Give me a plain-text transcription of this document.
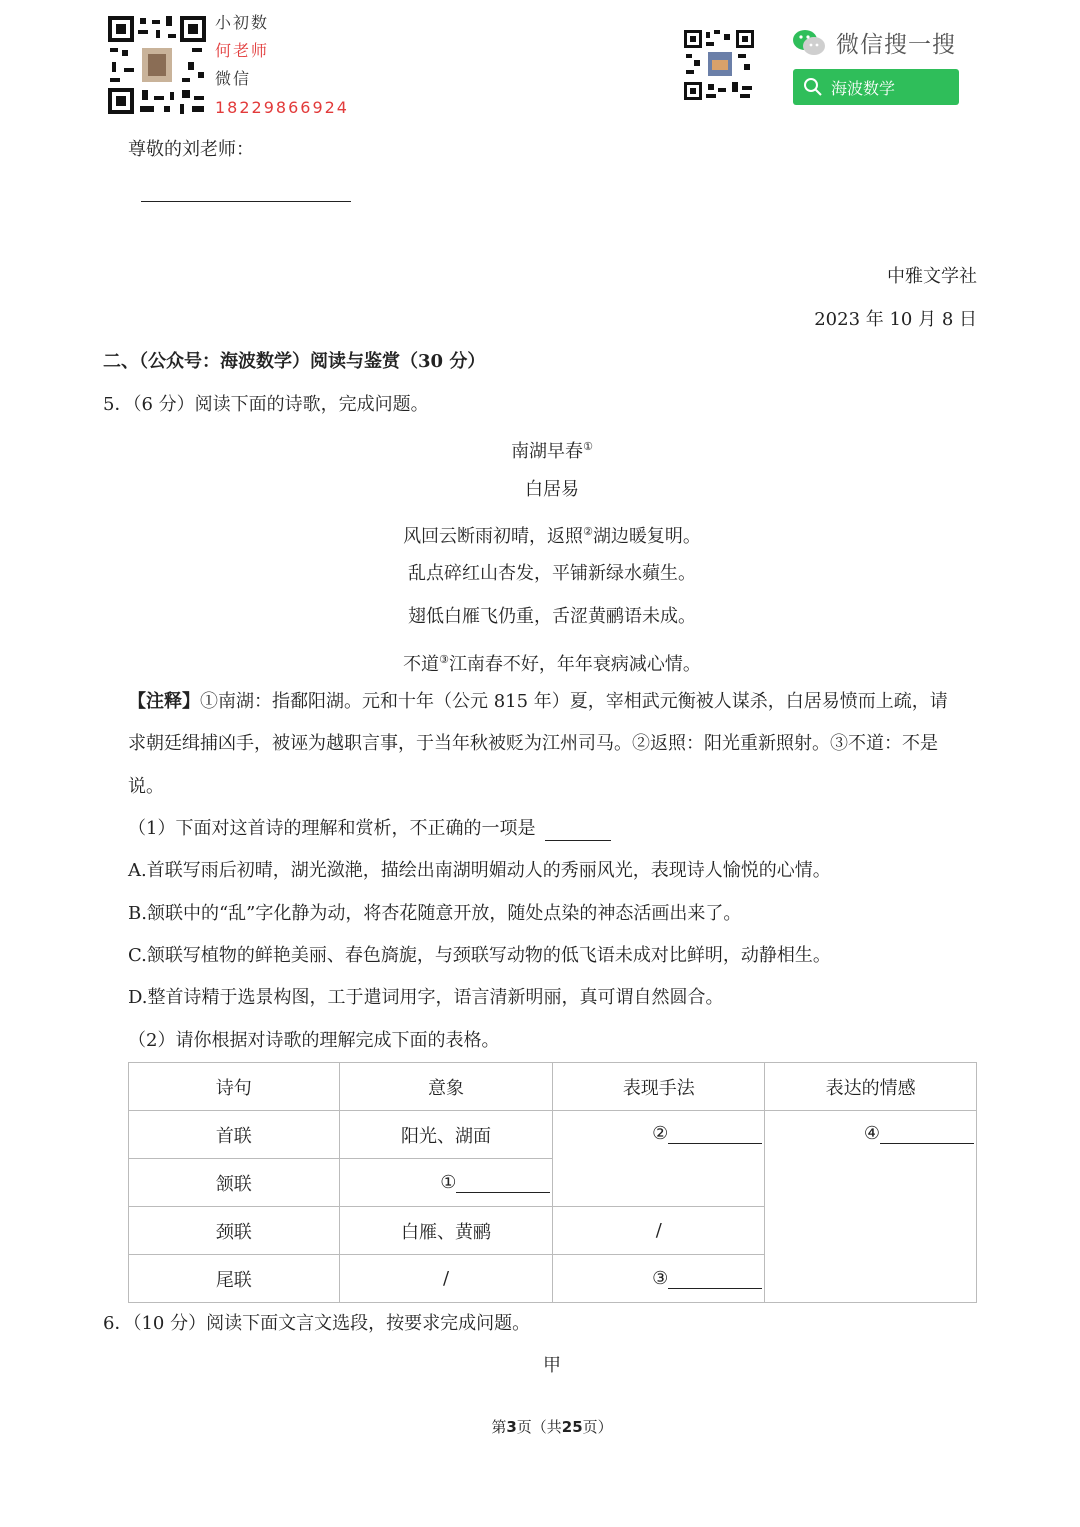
小初数
何老师
微信
18229866924
微信搜一搜
海波数学
尊敬的刘老师：
中雅文学社
2023 年 10 月 8 日
二、（公众号：海波数学）阅读与鉴赏（30 分）
5．（6 分）阅读下面的诗歌，完成问题。
南湖早春①
白居易
风回云断雨初晴，返照②湖边暖复明。
乱点碎红山杏发，平铺新绿水蘋生。
翅低白雁飞仍重，舌涩黄鹂语未成。
不道③江南春不好，年年衰病减心情。
【注释】①南湖：指鄱阳湖。元和十年（公元 815 年）夏，宰相武元衡被人谋杀，白居易愤而上疏，请
求朝廷缉捕凶手，被诬为越职言事，于当年秋被贬为江州司马。②返照：阳光重新照射。③不道：不是
说。
（1）下面对这首诗的理解和赏析，不正确的一项是
A.首联写雨后初晴，湖光潋滟，描绘出南湖明媚动人的秀丽风光，表现诗人愉悦的心情。
B.颔联中的“乱”字化静为动，将杏花随意开放，随处点染的神态活画出来了。
C.颔联写植物的鲜艳美丽、春色旖旎，与颈联写动物的低飞语未成对比鲜明，动静相生。
D.整首诗精于选景构图，工于遣词用字，语言清新明丽，真可谓自然圆合。
（2）请你根据对诗歌的理解完成下面的表格。
诗句	意象	表现手法	表达的情感
首联	阳光、湖面	②	④
颔联	①		
颈联	白雁、黄鹂	/	
尾联	/	③	
6．（10 分）阅读下面文言文选段，按要求完成问题。
甲
第3页（共25页）
